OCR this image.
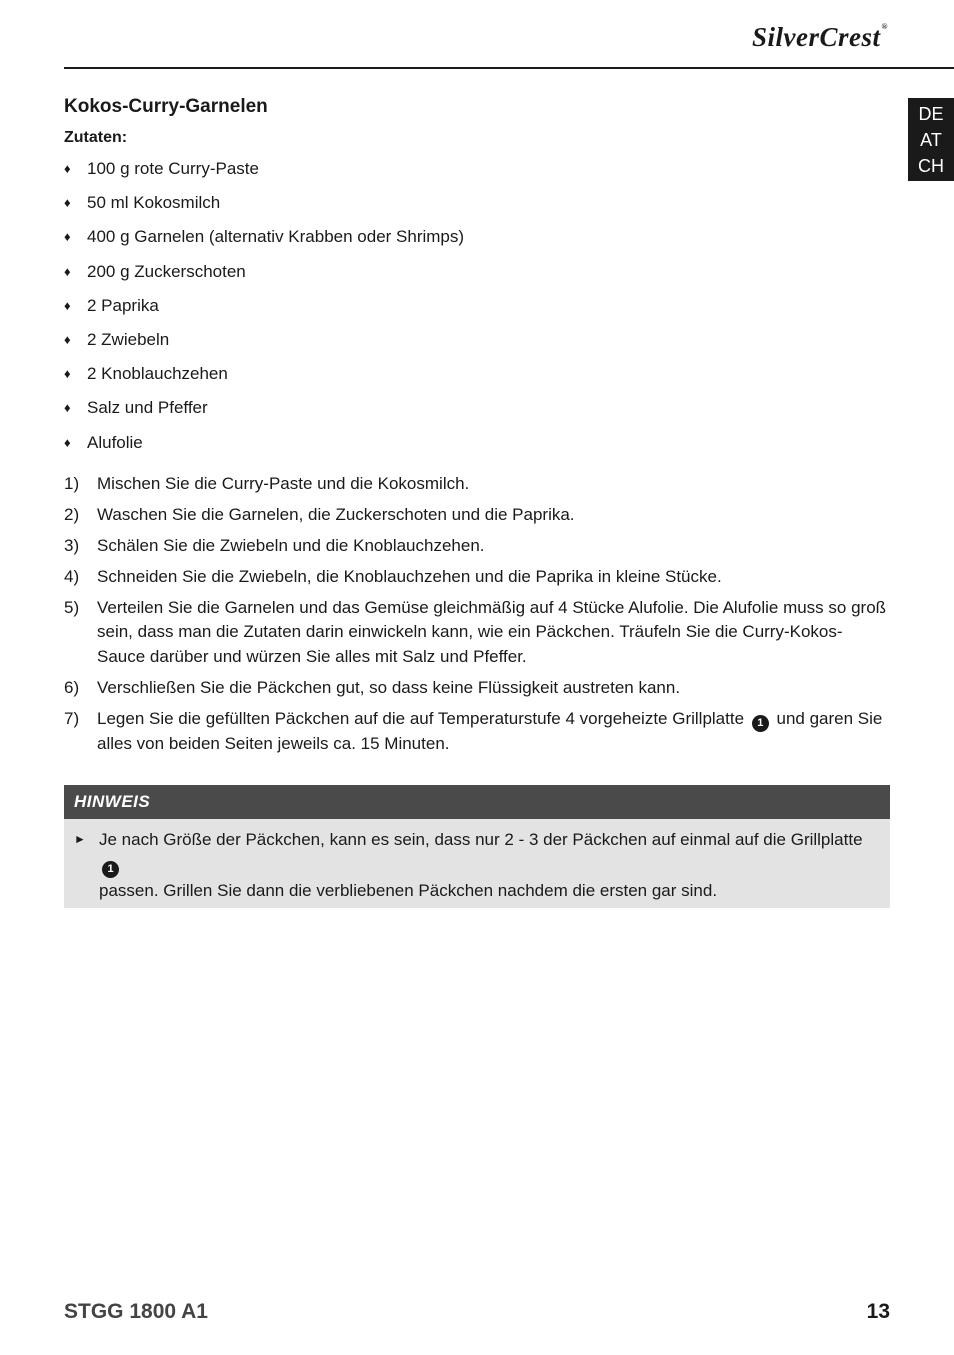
SilverCrest®
DE
AT
CH
Kokos-Curry-Garnelen
Zutaten:
♦ 100 g rote Curry-Paste
♦ 50 ml Kokosmilch
♦ 400 g Garnelen (alternativ Krabben oder Shrimps)
♦ 200 g Zuckerschoten
♦ 2 Paprika
♦ 2 Zwiebeln
♦ 2 Knoblauchzehen
♦ Salz und Pfeffer
♦ Alufolie
1)	Mischen Sie die Curry-Paste und die Kokosmilch.
2)	Waschen Sie die Garnelen, die Zuckerschoten und die Paprika.
3)	Schälen Sie die Zwiebeln und die Knoblauchzehen.
4)	Schneiden Sie die Zwiebeln, die Knoblauchzehen und die Paprika in kleine Stücke.
5)	Verteilen Sie die Garnelen und das Gemüse gleichmäßig auf 4 Stücke Alufolie. Die Alufolie muss so groß sein, dass man die Zutaten darin einwickeln kann, wie ein Päckchen. Träufeln Sie die Curry-Kokos-Sauce darüber und würzen Sie alles mit Salz und Pfeffer.
6)	Verschließen Sie die Päckchen gut, so dass keine Flüssigkeit austreten kann.
7)	Legen Sie die gefüllten Päckchen auf die auf Temperaturstufe 4 vorgeheizte Grillplatte 1 und garen Sie alles von beiden Seiten jeweils ca. 15 Minuten.
HINWEIS
► Je nach Größe der Päckchen, kann es sein, dass nur 2 - 3 der Päckchen auf einmal auf die Grillplatte 1
passen. Grillen Sie dann die verbliebenen Päckchen nachdem die ersten gar sind.
STGG 1800 A1	13
